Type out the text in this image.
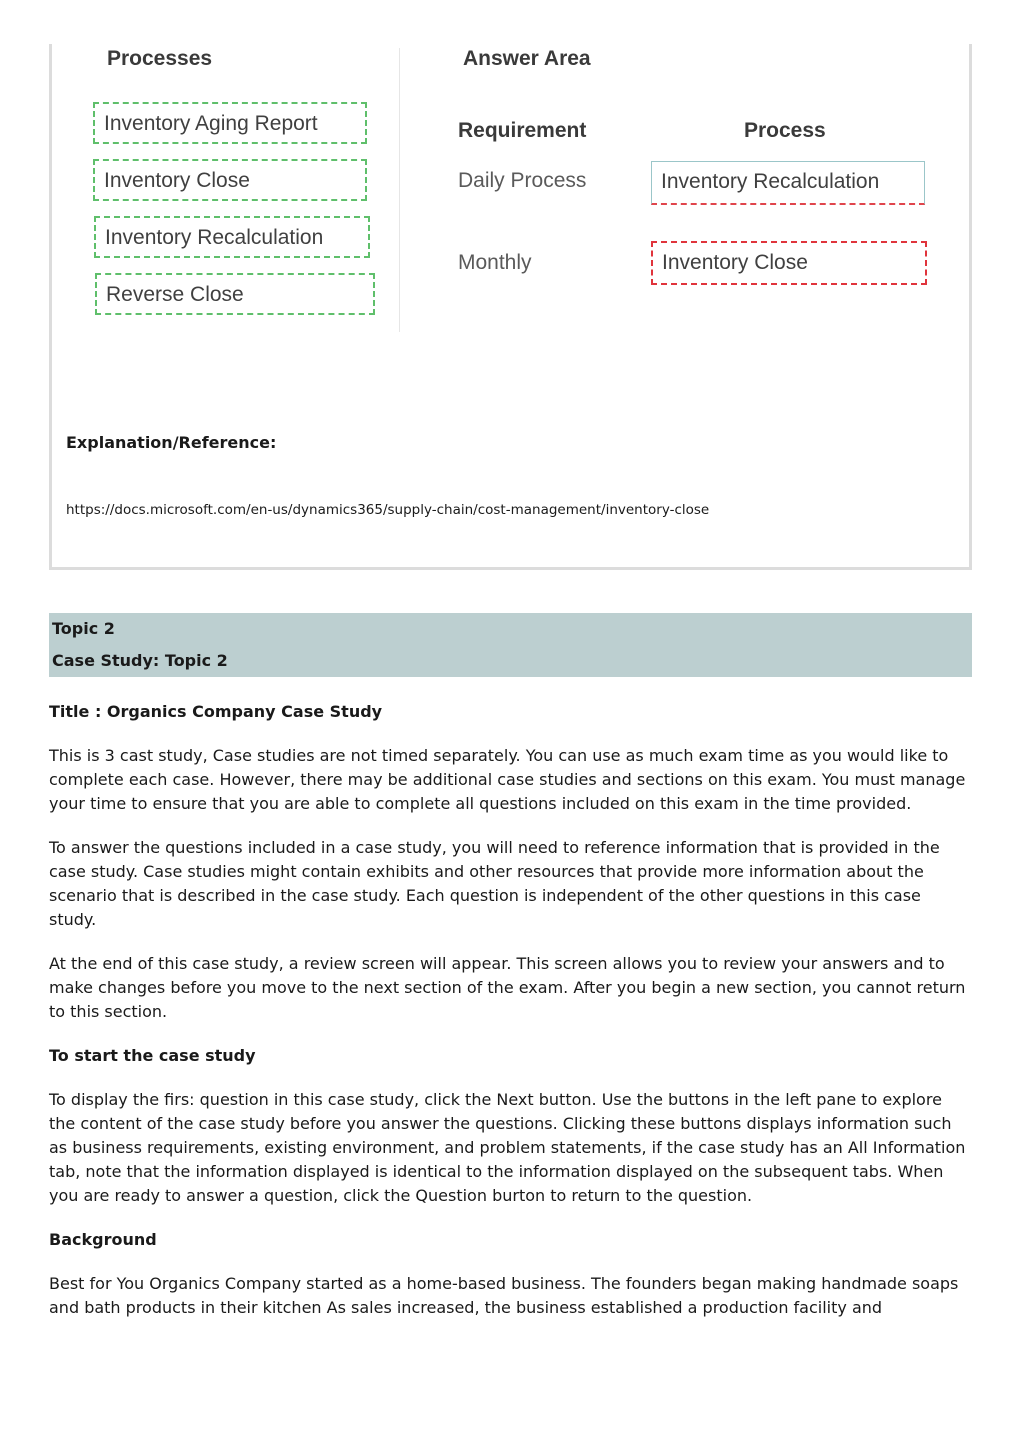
Processes	Answer Area
Inventory Aging Report
Inventory Close
Inventory Recalculation
Reverse Close
Requirement	Process
Daily Process	Inventory Recalculation
Monthly	Inventory Close
Explanation/Reference:
https://docs.microsoft.com/en-us/dynamics365/supply-chain/cost-management/inventory-close
Topic 2
Case Study: Topic 2
Title : Organics Company Case Study

This is 3 cast study, Case studies are not timed separately. You can use as much exam time as you would like to complete each case. However, there may be additional case studies and sections on this exam. You must manage your time to ensure that you are able to complete all questions included on this exam in the time provided.

To answer the questions included in a case study, you will need to reference information that is provided in the case study. Case studies might contain exhibits and other resources that provide more information about the scenario that is described in the case study. Each question is independent of the other questions in this case study.

At the end of this case study, a review screen will appear. This screen allows you to review your answers and to make changes before you move to the next section of the exam. After you begin a new section, you cannot return to this section.

To start the case study

To display the firs: question in this case study, click the Next button. Use the buttons in the left pane to explore the content of the case study before you answer the questions. Clicking these buttons displays information such as business requirements, existing environment, and problem statements, if the case study has an All Information tab, note that the information displayed is identical to the information displayed on the subsequent tabs. When you are ready to answer a question, click the Question burton to return to the question.

Background

Best for You Organics Company started as a home-based business. The founders began making handmade soaps and bath products in their kitchen As sales increased, the business established a production facility and
